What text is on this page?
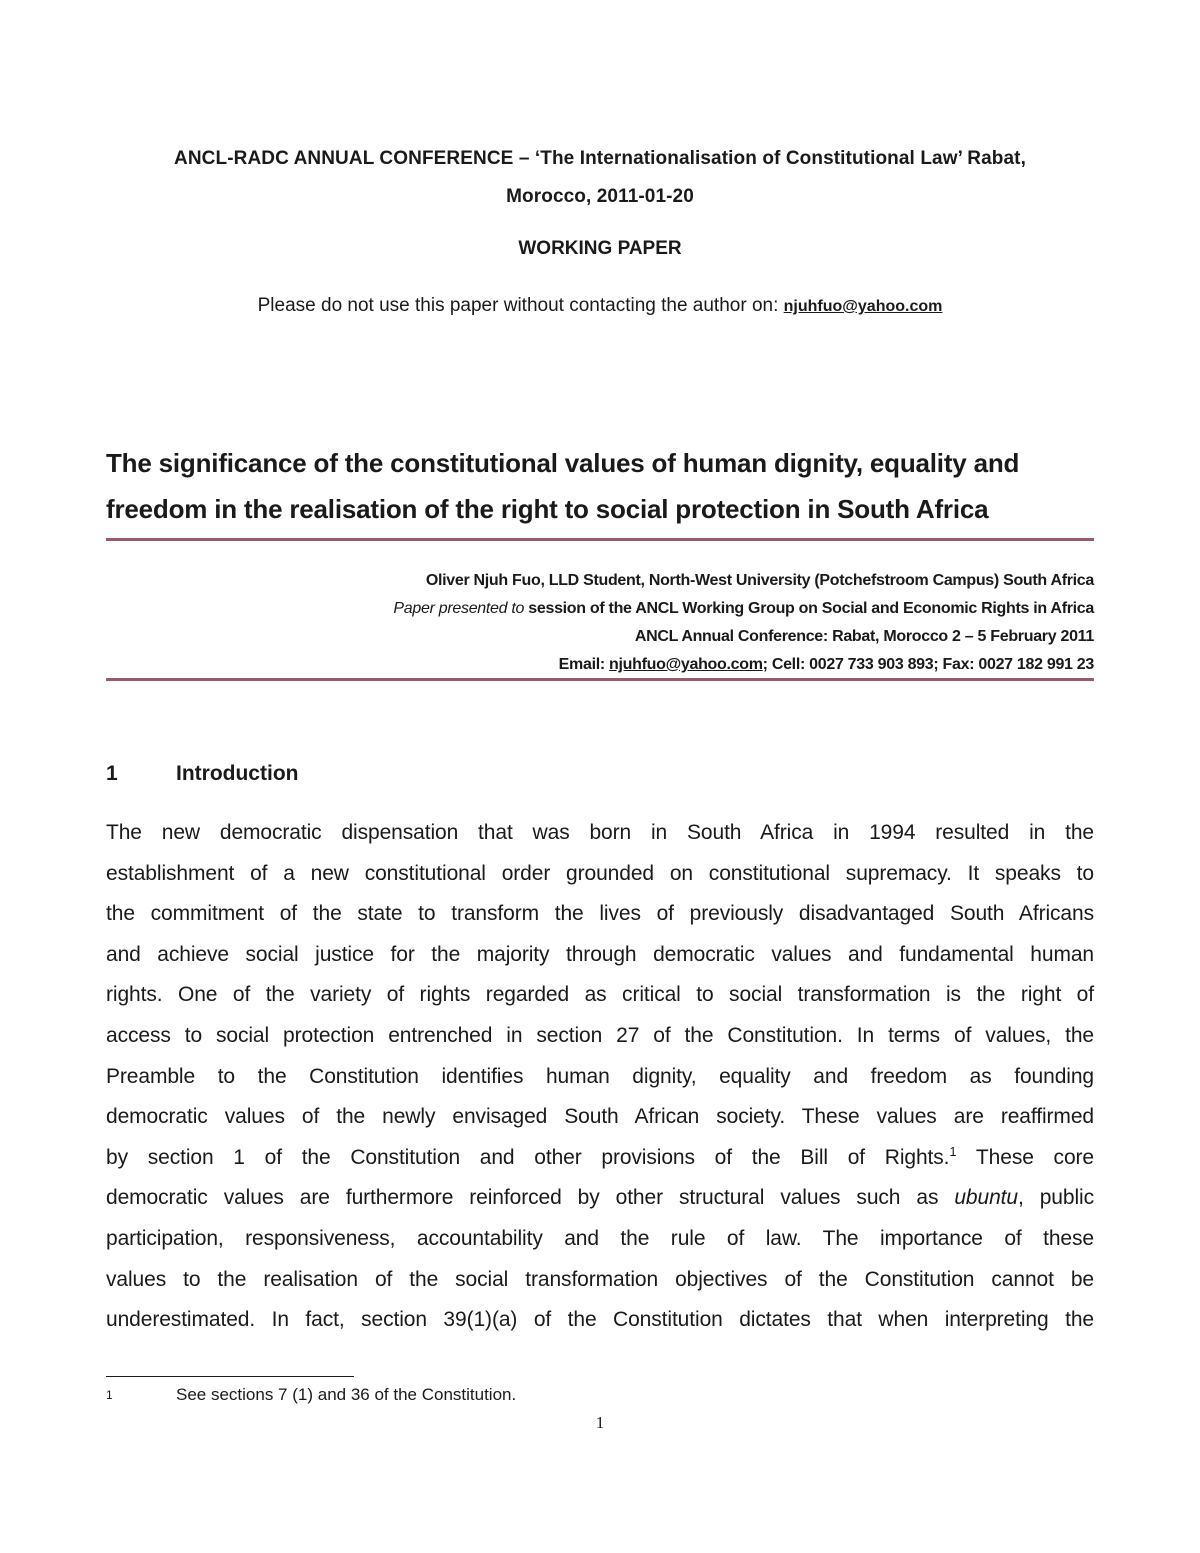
ANCL-RADC ANNUAL CONFERENCE – ‘The Internationalisation of Constitutional Law’ Rabat,
Morocco, 2011-01-20
WORKING PAPER
Please do not use this paper without contacting the author on: njuhfuo@yahoo.com
The significance of the constitutional values of human dignity, equality and
freedom in the realisation of the right to social protection in South Africa
Oliver Njuh Fuo, LLD Student, North-West University (Potchefstroom Campus) South Africa
Paper presented to session of the ANCL Working Group on Social and Economic Rights in Africa
ANCL Annual Conference: Rabat, Morocco 2 – 5 February 2011
Email: njuhfuo@yahoo.com; Cell: 0027 733 903 893; Fax: 0027 182 991 23
1	Introduction
The new democratic dispensation that was born in South Africa in 1994 resulted in the
establishment of a new constitutional order grounded on constitutional supremacy. It speaks to
the commitment of the state to transform the lives of previously disadvantaged South Africans
and achieve social justice for the majority through democratic values and fundamental human
rights. One of the variety of rights regarded as critical to social transformation is the right of
access to social protection entrenched in section 27 of the Constitution. In terms of values, the
Preamble to the Constitution identifies human dignity, equality and freedom as founding
democratic values of the newly envisaged South African society. These values are reaffirmed
by section 1 of the Constitution and other provisions of the Bill of Rights.$^1$ These core
democratic values are furthermore reinforced by other structural values such as ubuntu, public
participation, responsiveness, accountability and the rule of law. The importance of these
values to the realisation of the social transformation objectives of the Constitution cannot be
underestimated. In fact, section 39(1)(a) of the Constitution dictates that when interpreting the
1	See sections 7 (1) and 36 of the Constitution.
1
